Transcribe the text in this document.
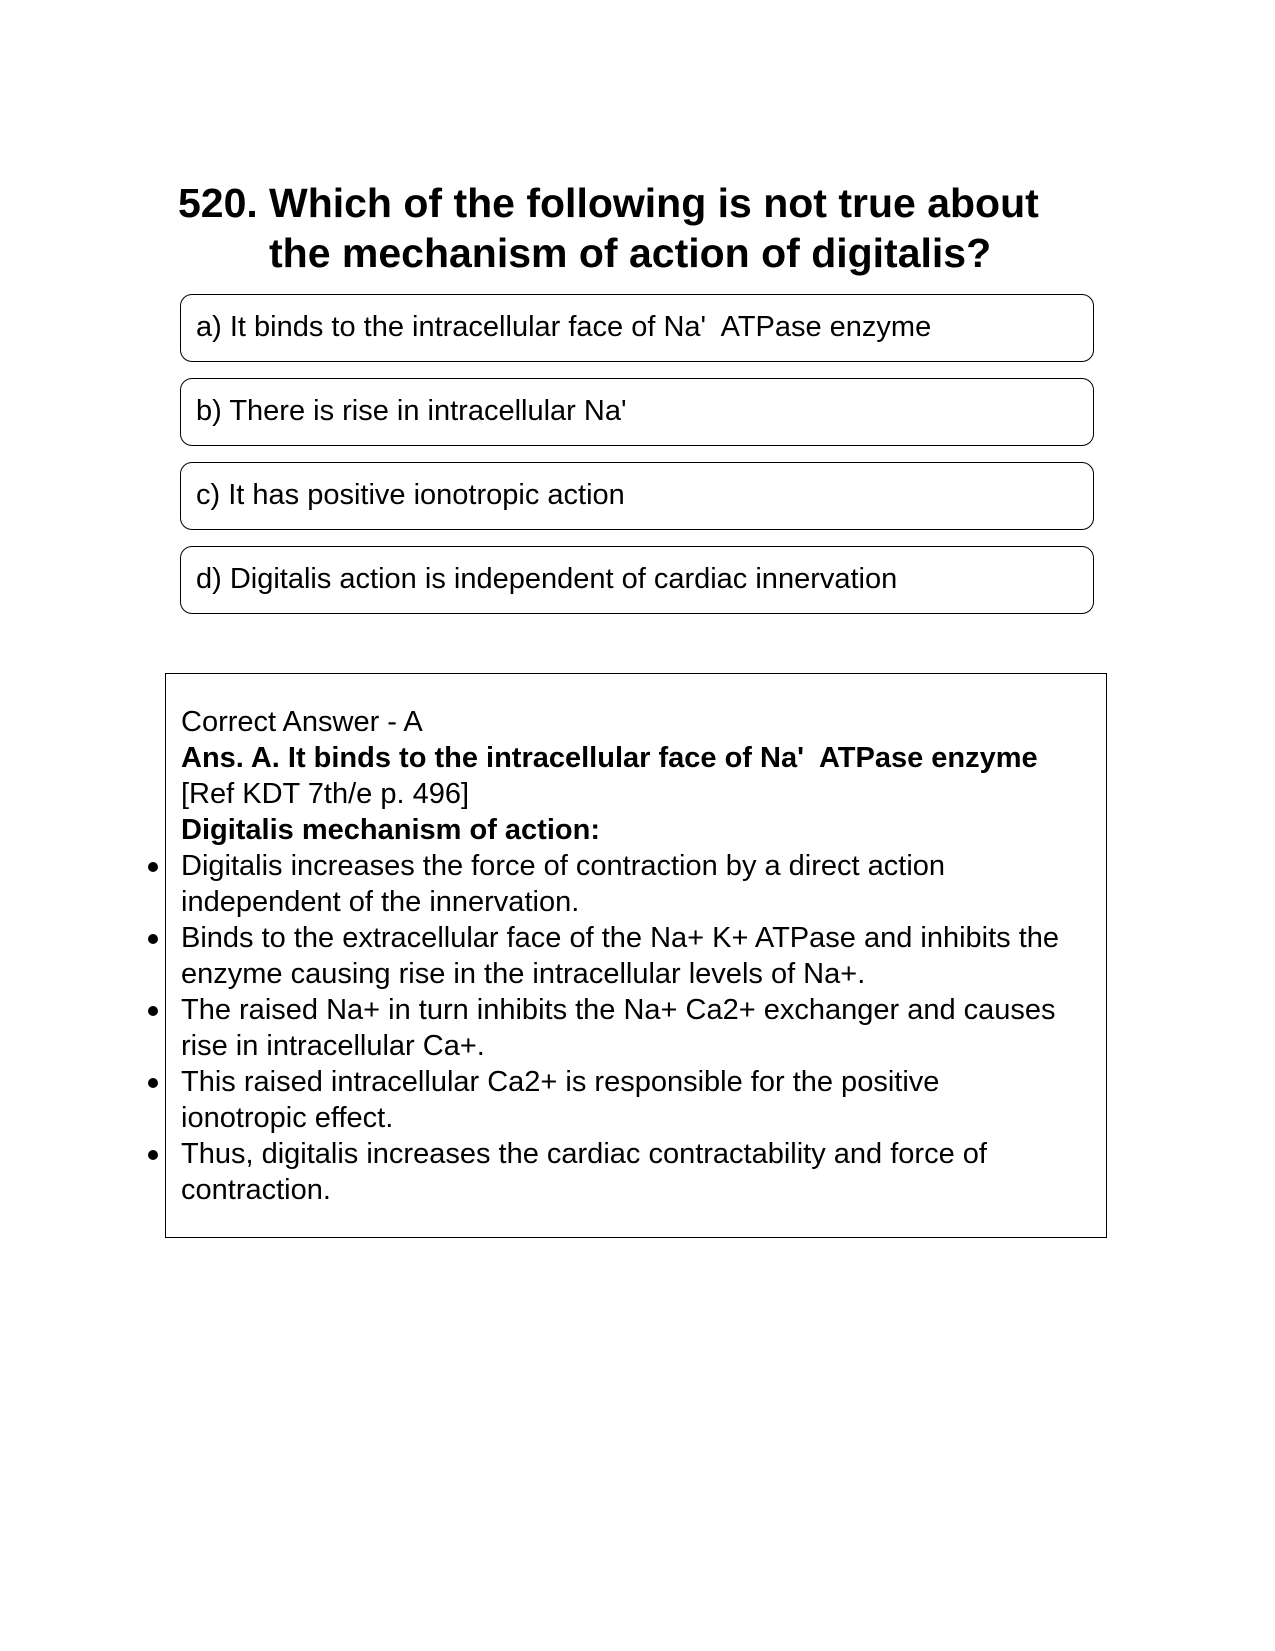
520. Which of the following is not true about the mechanism of action of digitalis?
a) It binds to the intracellular face of Na'  ATPase enzyme
b) There is rise in intracellular Na'
c) It has positive ionotropic action
d) Digitalis action is independent of cardiac innervation
Correct Answer - A
Ans. A. It binds to the intracellular face of Na'  ATPase enzyme
[Ref KDT 7th/e p. 496]
Digitalis mechanism of action:
Digitalis increases the force of contraction by a direct action
independent of the innervation.
Binds to the extracellular face of the Na+ K+ ATPase and inhibits the
enzyme causing rise in the intracellular levels of Na+.
The raised Na+ in turn inhibits the Na+ Ca2+ exchanger and causes
rise in intracellular Ca+.
This raised intracellular Ca2+ is responsible for the positive
ionotropic effect.
Thus, digitalis increases the cardiac contractability and force of
contraction.
